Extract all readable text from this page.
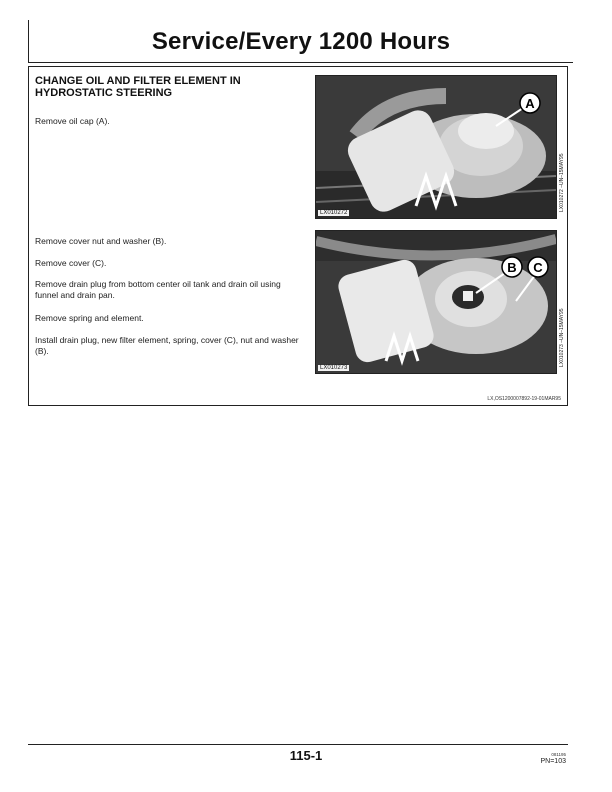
Service/Every 1200 Hours
CHANGE OIL AND FILTER ELEMENT IN HYDROSTATIC STEERING
Remove oil cap (A).
Remove cover nut and washer (B).
Remove cover (C).
Remove drain plug from bottom center oil tank and drain oil using funnel and drain pan.
Remove spring and element.
Install drain plug, new filter element, spring, cover (C), nut and washer (B).
A
LX010272
LX010272 –UN–15MAY95
B C
LX010273
LX010273 –UN–15MAY95
LX,OS1200007892-19-01MAR95
115-1	081195
PN=103
